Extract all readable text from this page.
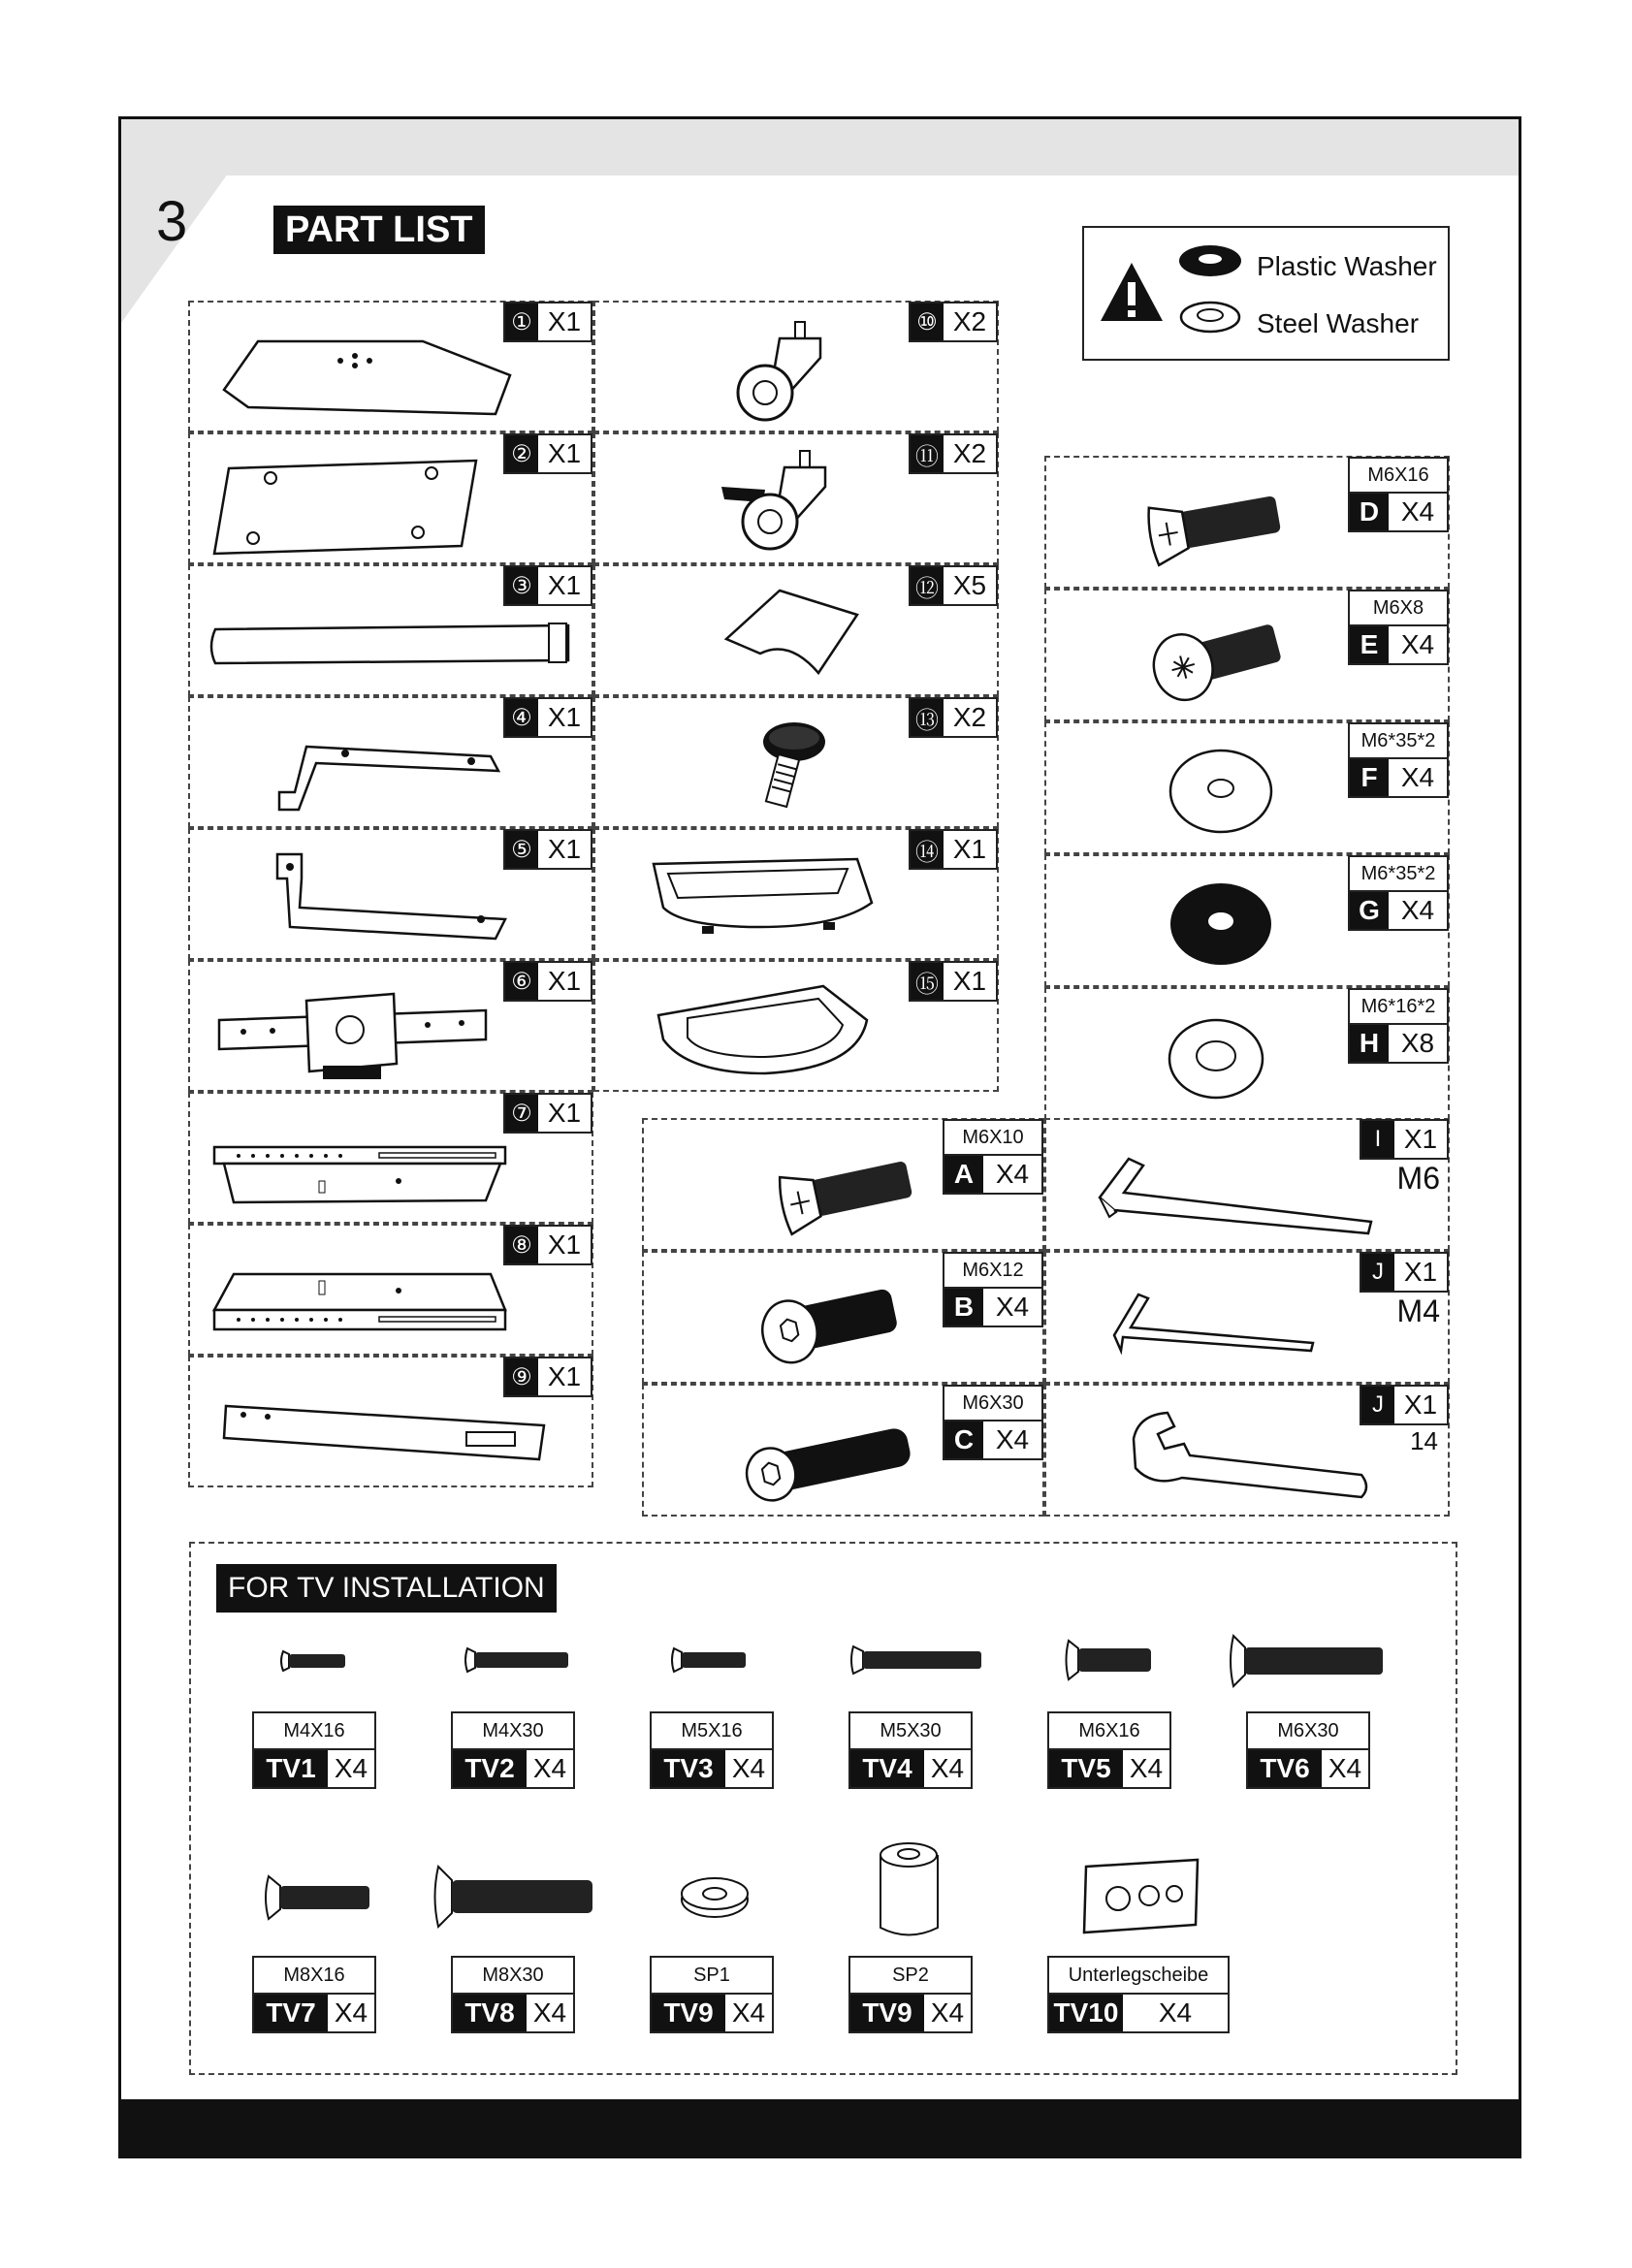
3	PART LIST
Plastic Washer
Steel Washer
① X1
② X1
③ X1
④ X1
⑤ X1
⑥ X1
⑦ X1
⑧ X1
⑨ X1
⑩ X2
⑪ X2
⑫ X5
⑬ X2
⑭ X1
⑮ X1
M6X10
A X4
M6X12
B X4
M6X30
C X4
M6X16
D X4
M6X8
E X4
M6*35*2
F X4
M6*35*2
G X4
M6*16*2
H X8
I X1
M6
J X1
M4
J X1
14
FOR TV INSTALLATION
M4X16
TV1 X4
M4X30
TV2 X4
M5X16
TV3 X4
M5X30
TV4 X4
M6X16
TV5 X4
M6X30
TV6 X4
M8X16
TV7 X4
M8X30
TV8 X4
SP1
TV9 X4
SP2
TV9 X4
Unterlegscheibe
TV10	X4
